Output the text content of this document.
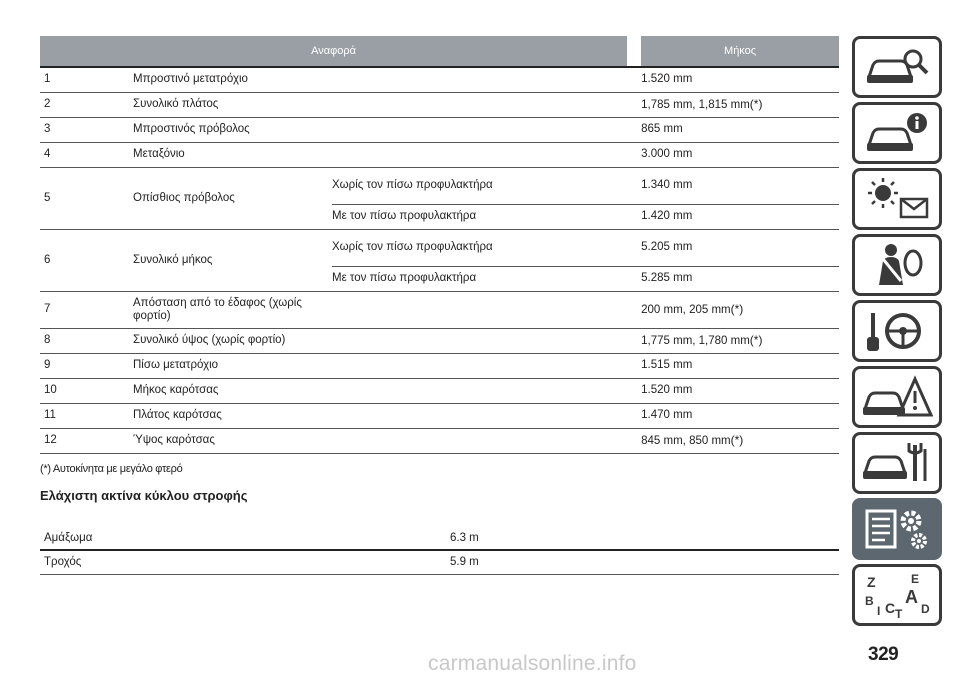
Αναφορά				Μήκος
1	Μπροστινό μετατρόχιο			1.520 mm
2	Συνολικό πλάτος			1,785 mm, 1,815 mm(*)
3	Μπροστινός πρόβολος			865 mm
4	Μεταξόνιο			3.000 mm
5	Οπίσθιος πρόβολος	Χωρίς τον πίσω προφυλακτήρα		1.340 mm
		Με τον πίσω προφυλακτήρα		1.420 mm
6	Συνολικό μήκος	Χωρίς τον πίσω προφυλακτήρα		5.205 mm
		Με τον πίσω προφυλακτήρα		5.285 mm
7	Απόσταση από το έδαφος (χωρίς φορτίο)			200 mm, 205 mm(*)
8	Συνολικό ύψος (χωρίς φορτίο)			1,775 mm, 1,780 mm(*)
9	Πίσω μετατρόχιο			1.515 mm
10	Μήκος καρότσας			1.520 mm
11	Πλάτος καρότσας			1.470 mm
12	Ύψος καρότσας			845 mm, 850 mm(*)
(*) Αυτοκίνητα με μεγάλο φτερό
Ελάχιστη ακτίνα κύκλου στροφής
Αμάξωμα	6.3 m
Τροχός	5.9 m
Z	E
B A
C D
I T
329
carmanualsonline.info
